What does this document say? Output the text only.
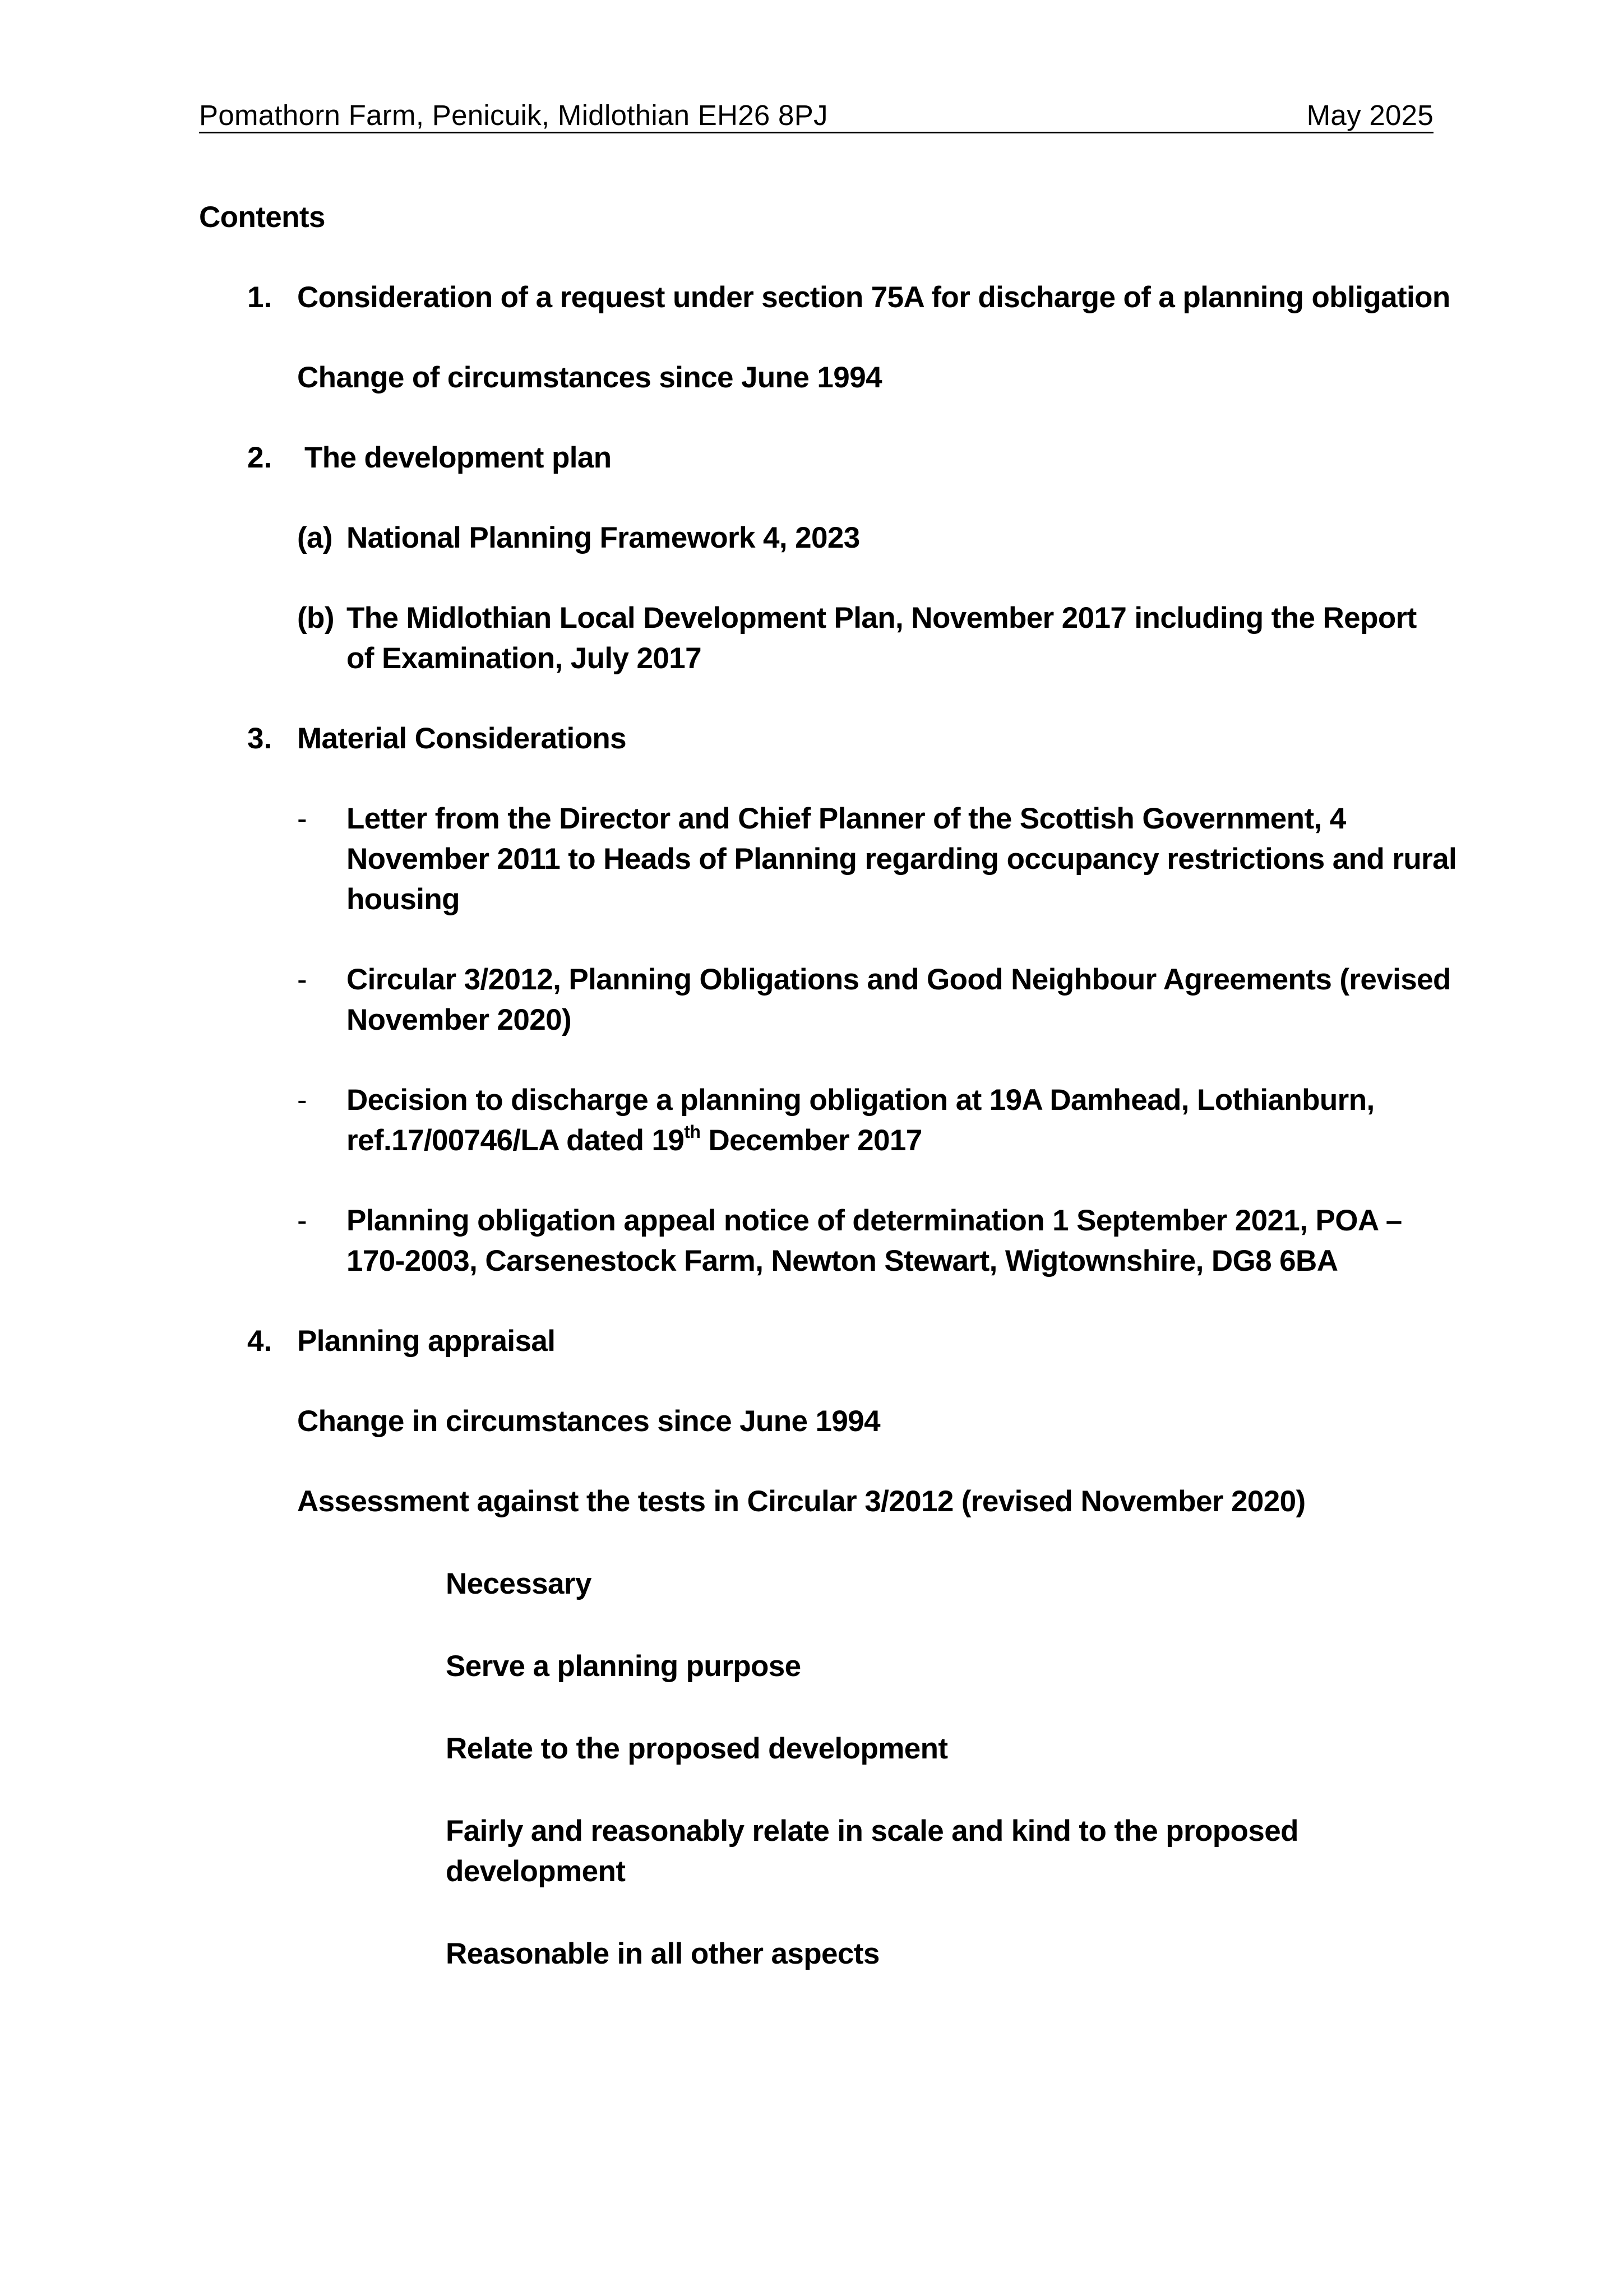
Pomathorn Farm, Penicuik, Midlothian EH26 8PJ	May 2025
Contents
1. Consideration of a request under section 75A for discharge of a planning obligation
Change of circumstances since June 1994
2. The development plan
(a) National Planning Framework 4, 2023
(b) The Midlothian Local Development Plan, November 2017 including the Report
of Examination, July 2017
3. Material Considerations
- Letter from the Director and Chief Planner of the Scottish Government, 4
November 2011 to Heads of Planning regarding occupancy restrictions and rural
housing
- Circular 3/2012, Planning Obligations and Good Neighbour Agreements (revised
November 2020)
- Decision to discharge a planning obligation at 19A Damhead, Lothianburn,
ref.17/00746/LA dated 19th December 2017
- Planning obligation appeal notice of determination 1 September 2021, POA –
170-2003, Carsenestock Farm, Newton Stewart, Wigtownshire, DG8 6BA
4. Planning appraisal
Change in circumstances since June 1994
Assessment against the tests in Circular 3/2012 (revised November 2020)
Necessary
Serve a planning purpose
Relate to the proposed development
Fairly and reasonably relate in scale and kind to the proposed
development
Reasonable in all other aspects
